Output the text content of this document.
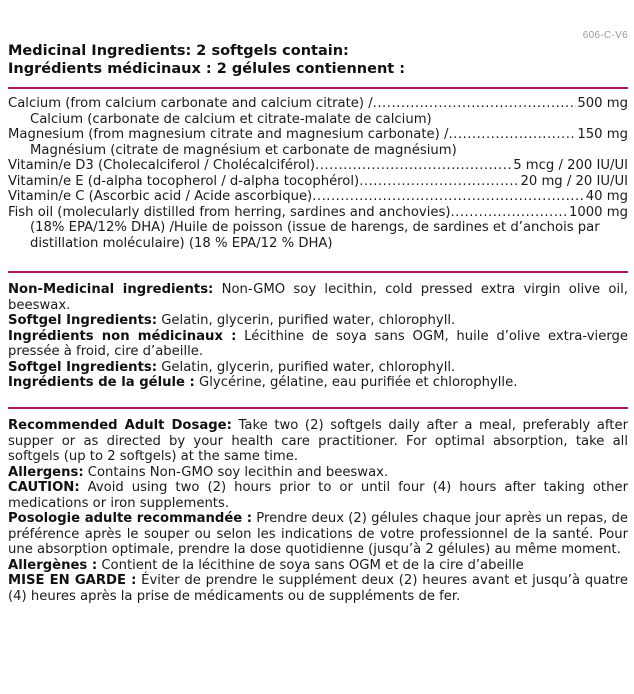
606-C-V6
Medicinal Ingredients: 2 softgels contain:
Ingrédients médicinaux : 2 gélules contiennent :
Calcium (from calcium carbonate and calcium citrate) / .....	500 mg
Calcium (carbonate de calcium et citrate-malate de calcium)
Magnesium (from magnesium citrate and magnesium carbonate) / .....	150 mg
Magnésium (citrate de magnésium et carbonate de magnésium)
Vitamin/e D3 (Cholecalciferol / Cholécalciférol) .....	5 mcg / 200 IU/UI
Vitamin/e E (d-alpha tocopherol / d-alpha tocophérol) .....	20 mg / 20 IU/UI
Vitamin/e C (Ascorbic acid / Acide ascorbique) .....	40 mg
Fish oil (molecularly distilled from herring, sardines and anchovies) .....	1000 mg
(18% EPA/12% DHA) /Huile de poisson (issue de harengs, de sardines et d’anchois par distillation moléculaire) (18 % EPA/12 % DHA)
Non-Medicinal ingredients: Non-GMO soy lecithin, cold pressed extra virgin olive oil, beeswax.
Softgel Ingredients: Gelatin, glycerin, purified water, chlorophyll.
Ingrédients non médicinaux : Lécithine de soya sans OGM, huile d’olive extra-vierge pressée à froid, cire d’abeille.
Softgel Ingredients: Gelatin, glycerin, purified water, chlorophyll.
Ingrédients de la gélule : Glycérine, gélatine, eau purifiée et chlorophylle.
Recommended Adult Dosage: Take two (2) softgels daily after a meal, preferably after supper or as directed by your health care practitioner. For optimal absorption, take all softgels (up to 2 softgels) at the same time.
Allergens: Contains Non-GMO soy lecithin and beeswax.
CAUTION: Avoid using two (2) hours prior to or until four (4) hours after taking other medications or iron supplements.
Posologie adulte recommandée : Prendre deux (2) gélules chaque jour après un repas, de préférence après le souper ou selon les indications de votre professionnel de la santé. Pour une absorption optimale, prendre la dose quotidienne (jusqu’à 2 gélules) au même moment.
Allergènes : Contient de la lécithine de soya sans OGM et de la cire d’abeille
MISE EN GARDE : Éviter de prendre le supplément deux (2) heures avant et jusqu’à quatre (4) heures après la prise de médicaments ou de suppléments de fer.
